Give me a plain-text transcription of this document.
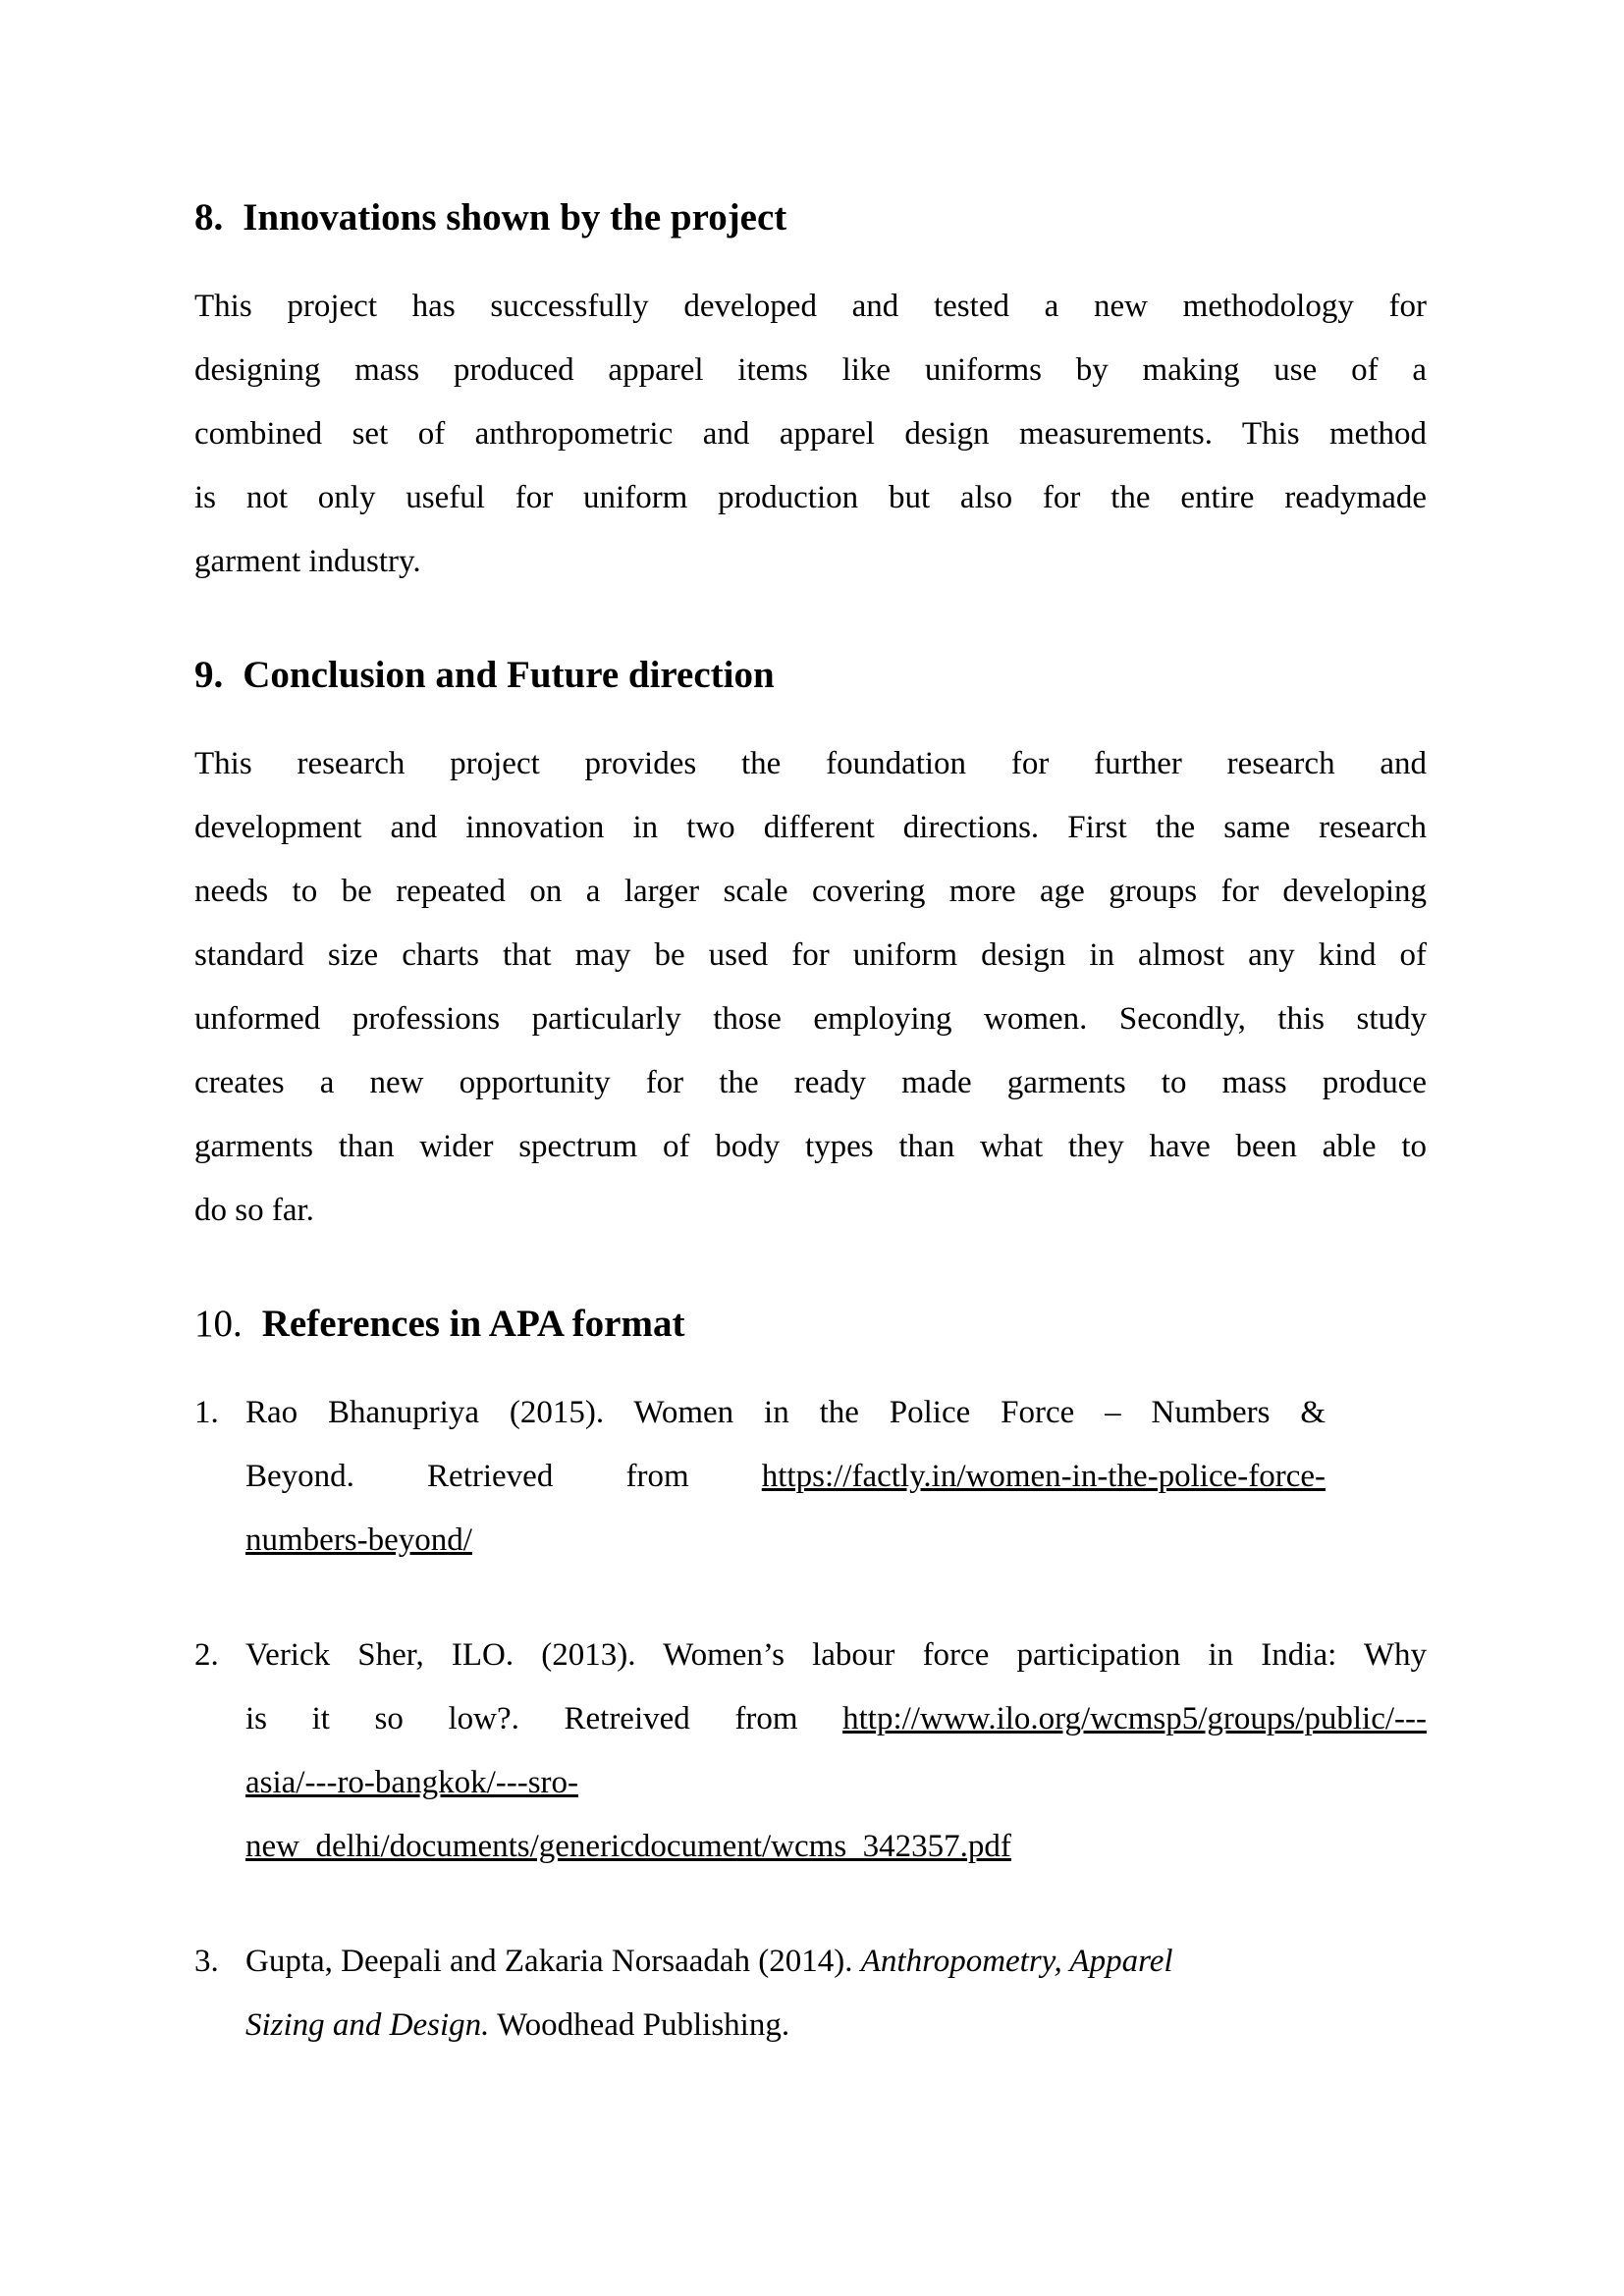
8. Innovations shown by the project
This project has successfully developed and tested a new methodology for
designing mass produced apparel items like uniforms by making use of a
combined set of anthropometric and apparel design measurements. This method
is not only useful for uniform production but also for the entire readymade
garment industry.
9. Conclusion and Future direction
This research project provides the foundation for further research and
development and innovation in two different directions. First the same research
needs to be repeated on a larger scale covering more age groups for developing
standard size charts that may be used for uniform design in almost any kind of
unformed professions particularly those employing women. Secondly, this study
creates a new opportunity for the ready made garments to mass produce
garments than wider spectrum of body types than what they have been able to
do so far.
10. References in APA format
1. Rao Bhanupriya (2015). Women in the Police Force – Numbers &
Beyond. Retrieved from https://factly.in/women-in-the-police-force-
numbers-beyond/
2. Verick Sher, ILO. (2013). Women’s labour force participation in India: Why
is it so low?. Retreived from http://www.ilo.org/wcmsp5/groups/public/---
asia/---ro-bangkok/---sro-
new_delhi/documents/genericdocument/wcms_342357.pdf
3. Gupta, Deepali and Zakaria Norsaadah (2014). Anthropometry, Apparel
Sizing and Design. Woodhead Publishing.
